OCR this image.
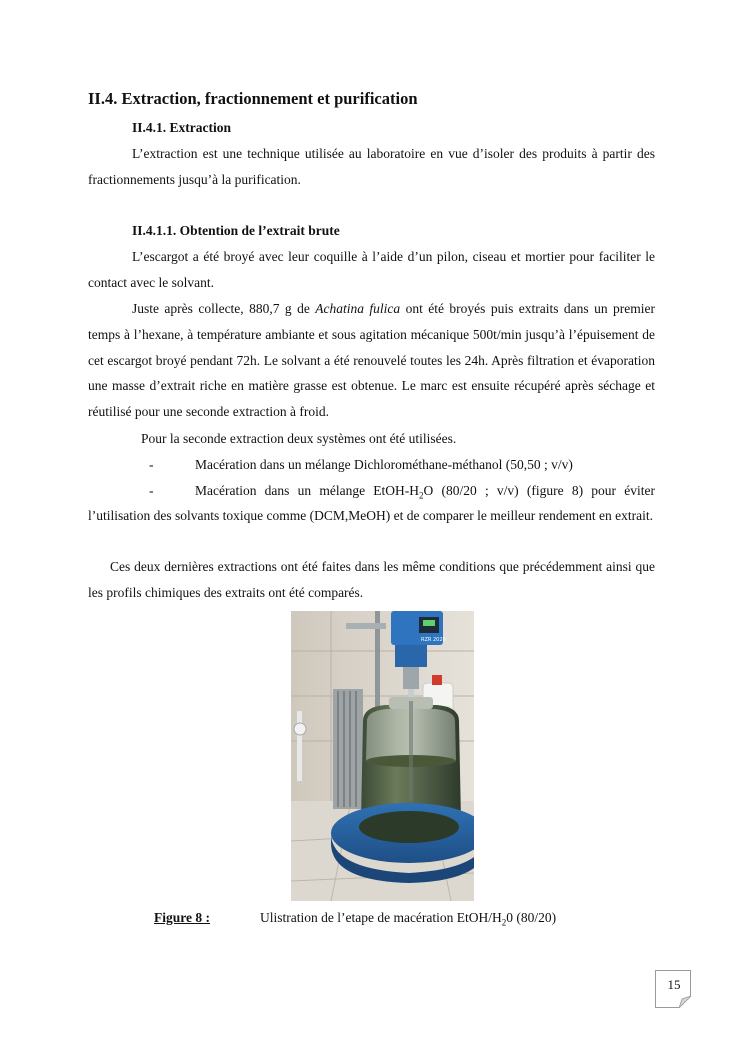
II.4. Extraction, fractionnement et purification
II.4.1. Extraction
L’extraction est une technique utilisée au laboratoire en vue d’isoler des produits à partir des fractionnements jusqu’à la purification.
II.4.1.1. Obtention de l’extrait brute
L’escargot a été broyé avec leur coquille à l’aide d’un pilon, ciseau et mortier pour faciliter le contact avec le solvant.
Juste après collecte, 880,7 g de Achatina fulica ont été broyés puis extraits dans un premier temps à l’hexane, à température ambiante et sous agitation mécanique 500t/min jusqu’à l’épuisement de cet escargot broyé pendant 72h. Le solvant a été renouvelé toutes les 24h. Après filtration et évaporation une masse d’extrait riche en matière grasse est obtenue. Le marc est ensuite récupéré après séchage et réutilisé pour une seconde extraction à froid.
Pour la seconde extraction deux systèmes ont été utilisées.
-	Macération dans un mélange Dichlorométhane-méthanol (50,50 ; v/v)
-	Macération dans un mélange EtOH-$H_2O$ (80/20 ; v/v) (figure 8) pour éviter
l’utilisation des solvants toxique comme (DCM,MeOH) et de comparer le meilleur rendement en extrait.
Ces deux dernières extractions ont été faites dans les même conditions que précédemment ainsi que les profils chimiques des extraits ont été comparés.
RZR 2020
Figure 8 :	Ulistration de l’etape de macération EtOH/$H_20$ (80/20)
15
